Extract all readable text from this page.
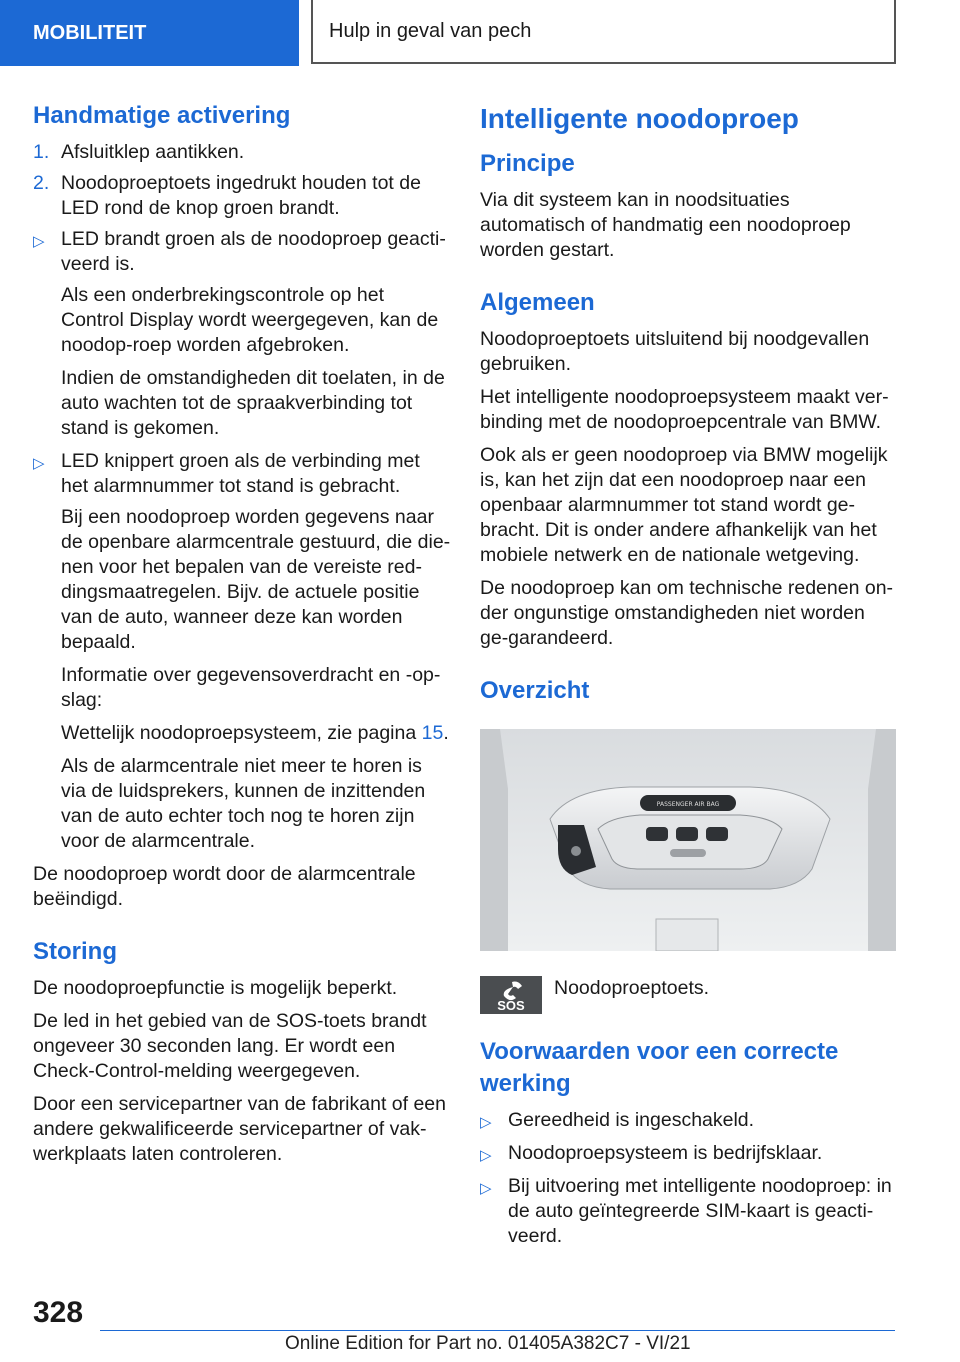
MOBILITEIT	Hulp in geval van pech
Handmatige activering
1. Afsluitklep aantikken.
2. Noodoproeptoets ingedrukt houden tot de LED rond de knop groen brandt.
▷ LED brandt groen als de noodoproep geacti-veerd is.

Als een onderbrekingscontrole op het Control Display wordt weergegeven, kan de noodop-roep worden afgebroken.

Indien de omstandigheden dit toelaten, in de auto wachten tot de spraakverbinding tot stand is gekomen.

▷ LED knippert groen als de verbinding met het alarmnummer tot stand is gebracht.

Bij een noodoproep worden gegevens naar de openbare alarmcentrale gestuurd, die die-nen voor het bepalen van de vereiste red-dingsmaatregelen. Bijv. de actuele positie van de auto, wanneer deze kan worden bepaald.

Informatie over gegevensoverdracht en -op-slag:

Wettelijk noodoproepsysteem, zie pagina 15.

Als de alarmcentrale niet meer te horen is via de luidsprekers, kunnen de inzittenden van de auto echter toch nog te horen zijn voor de alarmcentrale.

De noodoproep wordt door de alarmcentrale beëindigd.

Storing

De noodoproepfunctie is mogelijk beperkt.

De led in het gebied van de SOS-toets brandt ongeveer 30 seconden lang. Er wordt een Check-Control-melding weergegeven.

Door een servicepartner van de fabrikant of een andere gekwalificeerde servicepartner of vak-werkplaats laten controleren.

Intelligente noodoproep
Principe

Via dit systeem kan in noodsituaties automatisch of handmatig een noodoproep worden gestart.

Algemeen

Noodoproeptoets uitsluitend bij noodgevallen gebruiken.

Het intelligente noodoproepsysteem maakt ver-binding met de noodoproepcentrale van BMW.

Ook als er geen noodoproep via BMW mogelijk is, kan het zijn dat een noodoproep naar een openbaar alarmnummer tot stand wordt ge-bracht. Dit is onder andere afhankelijk van het mobiele netwerk en de nationale wetgeving.

De noodoproep kan om technische redenen on-der ongunstige omstandigheden niet worden ge-garandeerd.

Overzicht
PASSENGER AIR BAG
SOS
Noodoproeptoets.
Voorwaarden voor een correcte werking
▷ Gereedheid is ingeschakeld.
▷ Noodoproepsysteem is bedrijfsklaar.
▷ Bij uitvoering met intelligente noodoproep: in de auto geïntegreerde SIM-kaart is geacti-veerd.
328
Online Edition for Part no. 01405A382C7 - VI/21
